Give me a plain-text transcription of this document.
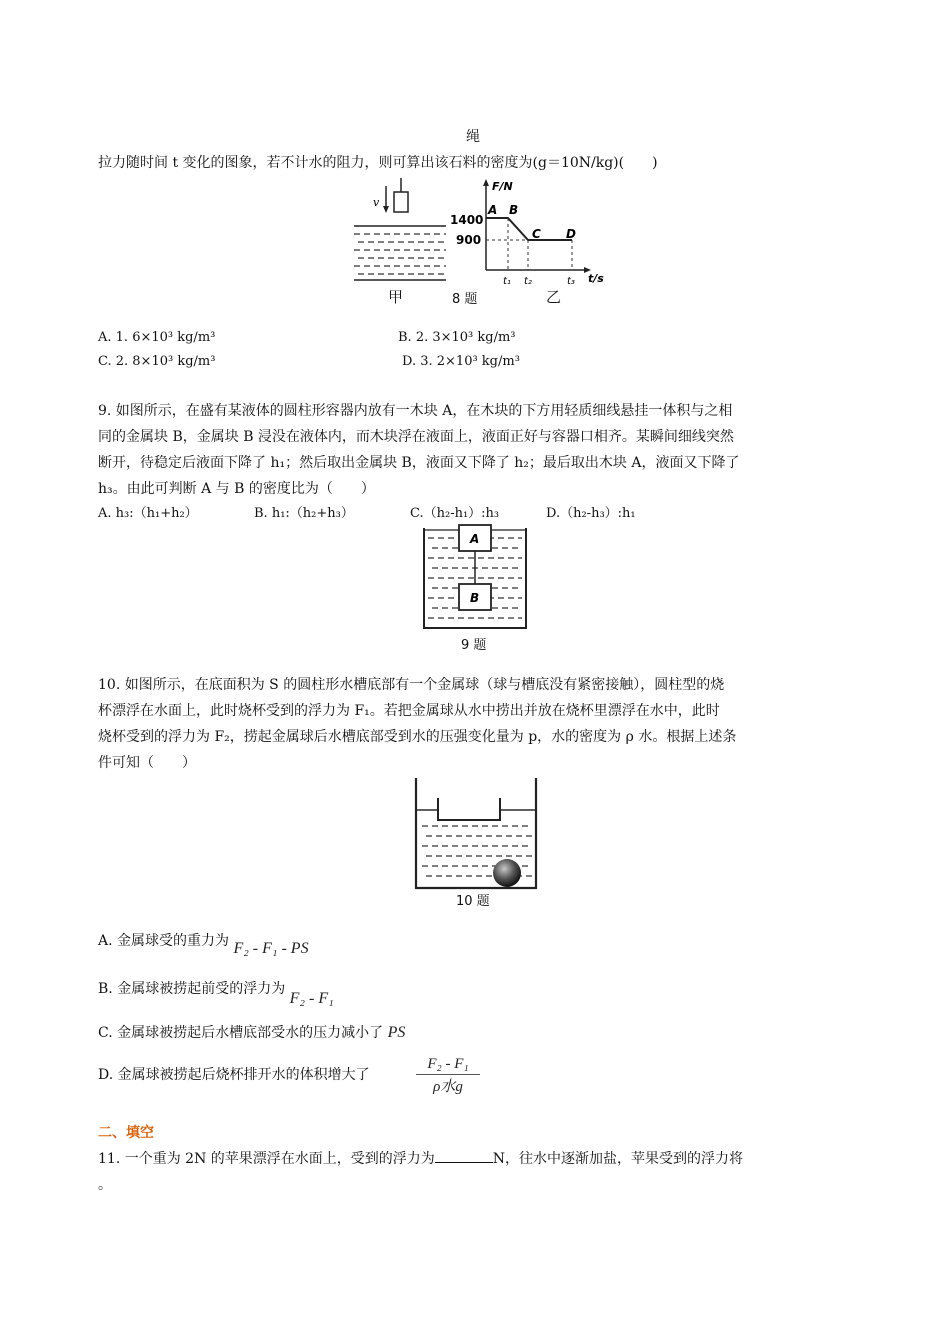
绳
拉力随时间 t 变化的图象，若不计水的阻力，则可算出该石料的密度为(g＝10N/kg)(　　)
v
甲	8 题
F/N
t/s
1400
900
A B
C D
t₁ t₂	t₃
乙
A. 1. 6×10³ kg/m³	B. 2. 3×10³ kg/m³
C. 2. 8×10³ kg/m³	D. 3. 2×10³ kg/m³
9. 如图所示，在盛有某液体的圆柱形容器内放有一木块 A，在木块的下方用轻质细线悬挂一体积与之相
同的金属块 B，金属块 B 浸没在液体内，而木块浮在液面上，液面正好与容器口相齐。某瞬间细线突然
断开，待稳定后液面下降了 h₁；然后取出金属块 B，液面又下降了 h₂；最后取出木块 A，液面又下降了
h₃。由此可判断 A 与 B 的密度比为（　　）
A. h₃:（h₁+h₂）	B. h₁:（h₂+h₃）	C.（h₂-h₁）:h₃	D.（h₂-h₃）:h₁
A
B
9 题
10. 如图所示，在底面积为 S 的圆柱形水槽底部有一个金属球（球与槽底没有紧密接触），圆柱型的烧
杯漂浮在水面上，此时烧杯受到的浮力为 F₁。若把金属球从水中捞出并放在烧杯里漂浮在水中，此时
烧杯受到的浮力为 F₂，捞起金属球后水槽底部受到水的压强变化量为 p，水的密度为 ρ 水。根据上述条
件可知（　　）
10 题
A. 金属球受的重力为 F₂ - F₁ - PS
B. 金属球被捞起前受的浮力为 F₂ - F₁
C. 金属球被捞起后水槽底部受水的压力减小了 PS
D. 金属球被捞起后烧杯排开水的体积增大了
F₂ - F₁
ρ水g
二、填空
11. 一个重为 2N 的苹果漂浮在水面上，受到的浮力为	N，往水中逐渐加盐，苹果受到的浮力将
。
